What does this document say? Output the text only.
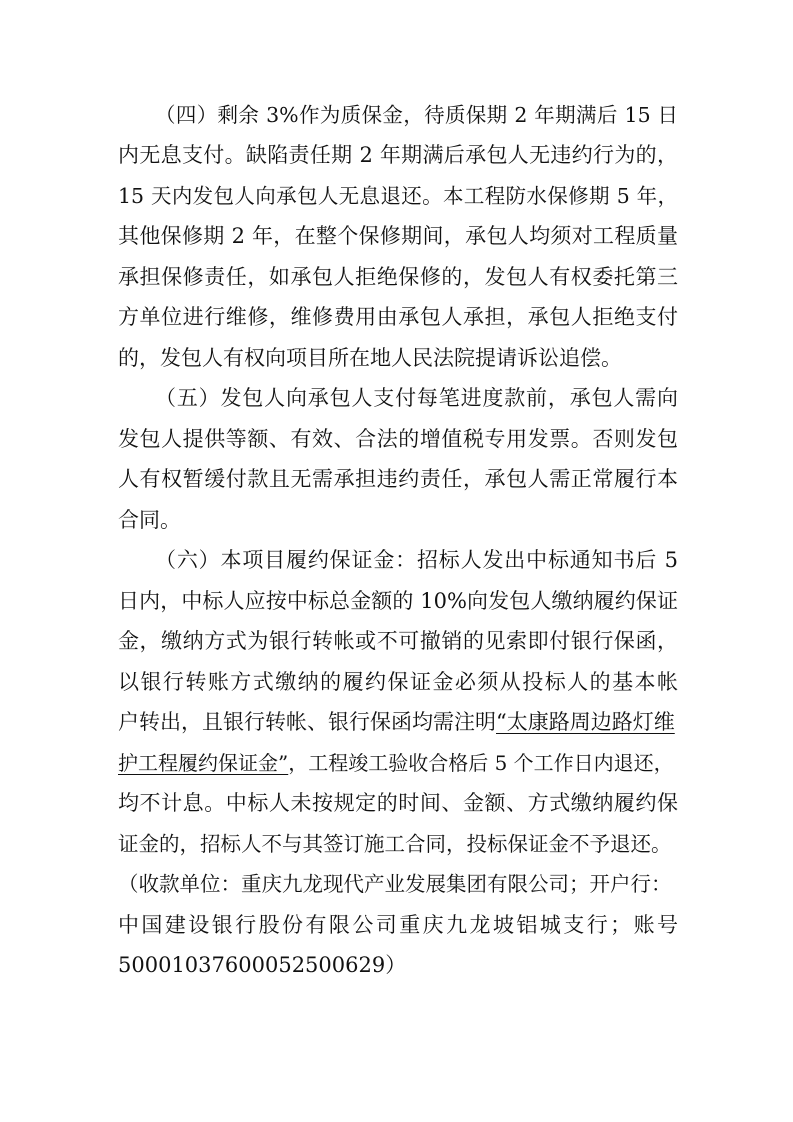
（四）剩余 3%作为质保金，待质保期 2 年期满后 15 日

内无息支付。缺陷责任期 2 年期满后承包人无违约行为的，

15 天内发包人向承包人无息退还。本工程防水保修期 5 年，

其他保修期 2 年，在整个保修期间，承包人均须对工程质量

承担保修责任，如承包人拒绝保修的，发包人有权委托第三

方单位进行维修，维修费用由承包人承担，承包人拒绝支付

的，发包人有权向项目所在地人民法院提请诉讼追偿。

（五）发包人向承包人支付每笔进度款前，承包人需向

发包人提供等额、有效、合法的增值税专用发票。否则发包

人有权暂缓付款且无需承担违约责任，承包人需正常履行本

合同。

（六）本项目履约保证金：招标人发出中标通知书后 5

日内，中标人应按中标总金额的 10%向发包人缴纳履约保证

金，缴纳方式为银行转帐或不可撤销的见索即付银行保函，

以银行转账方式缴纳的履约保证金必须从投标人的基本帐

户转出，且银行转帐、银行保函均需注明“太康路周边路灯维

护工程履约保证金”，工程竣工验收合格后 5 个工作日内退还，

均不计息。中标人未按规定的时间、金额、方式缴纳履约保

证金的，招标人不与其签订施工合同，投标保证金不予退还。

（收款单位：重庆九龙现代产业发展集团有限公司；开户行：

中国建设银行股份有限公司重庆九龙坡铝城支行；账号

50001037600052500629）
